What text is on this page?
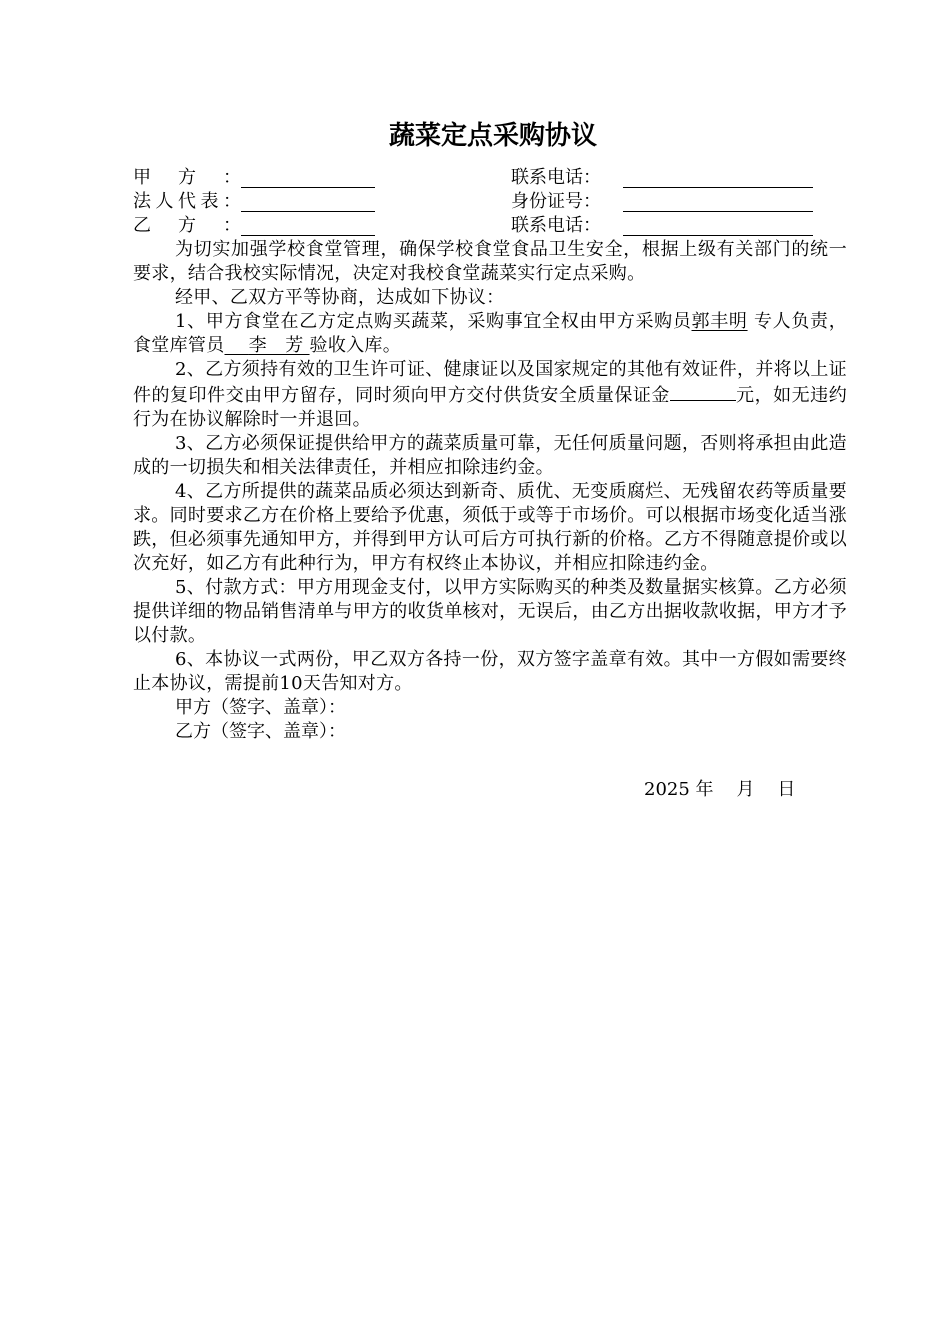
蔬菜定点采购协议
甲方：	联系电话：
法人代表：	身份证号：
乙方：	联系电话：

为切实加强学校食堂管理，确保学校食堂食品卫生安全，根据上级有关部门的统一要求，结合我校实际情况，决定对我校食堂蔬菜实行定点采购。

经甲、乙双方平等协商，达成如下协议：

1、甲方食堂在乙方定点购买蔬菜，采购事宜全权由甲方采购员郭丰明 专人负责，食堂库管员 李　芳 验收入库。

2、乙方须持有效的卫生许可证、健康证以及国家规定的其他有效证件，并将以上证件的复印件交由甲方留存，同时须向甲方交付供货安全质量保证金	元，如无违约行为在协议解除时一并退回。

3、乙方必须保证提供给甲方的蔬菜质量可靠，无任何质量问题，否则将承担由此造成的一切损失和相关法律责任，并相应扣除违约金。

4、乙方所提供的蔬菜品质必须达到新奇、质优、无变质腐烂、无残留农药等质量要求。同时要求乙方在价格上要给予优惠，须低于或等于市场价。可以根据市场变化适当涨跌，但必须事先通知甲方，并得到甲方认可后方可执行新的价格。乙方不得随意提价或以次充好，如乙方有此种行为，甲方有权终止本协议，并相应扣除违约金。

5、付款方式：甲方用现金支付，以甲方实际购买的种类及数量据实核算。乙方必须提供详细的物品销售清单与甲方的收货单核对，无误后，由乙方出据收款收据，甲方才予以付款。

6、本协议一式两份，甲乙双方各持一份，双方签字盖章有效。其中一方假如需要终止本协议，需提前10天告知对方。

甲方（签字、盖章）：

乙方（签字、盖章）：

2025 年 月 日
